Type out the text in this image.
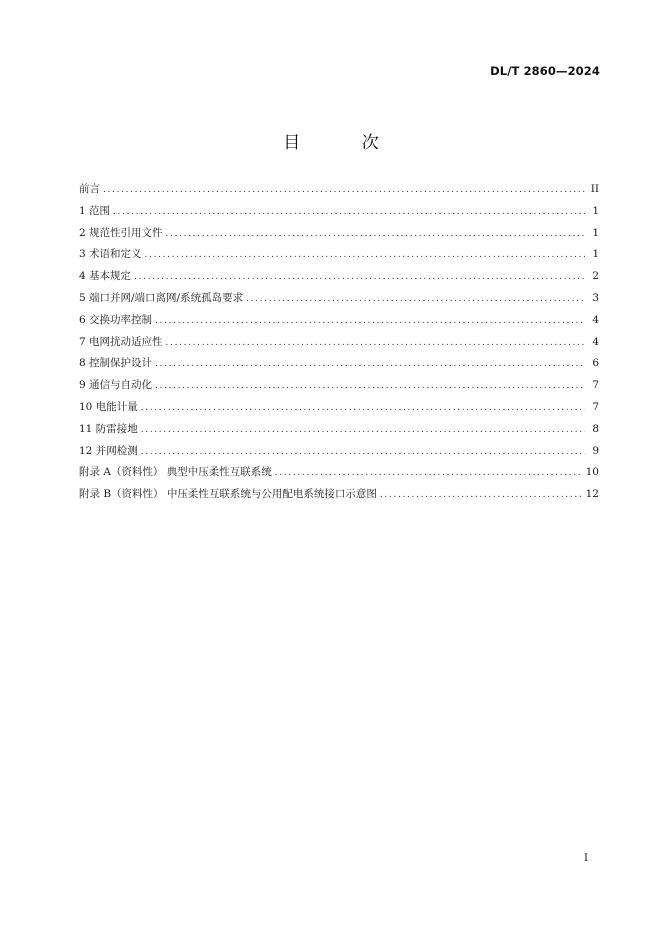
DL/T 2860—2024
目 次
前言 . . .	II
1 范围 . . .	1
2 规范性引用文件 . . .	1
3 术语和定义 . . .	1
4 基本规定 . . .	2
5 端口并网/端口离网/系统孤岛要求 . . .	3
6 交换功率控制 . . .	4
7 电网扰动适应性 . . .	4
8 控制保护设计 . . .	6
9 通信与自动化 . . .	7
10 电能计量 . . .	7
11 防雷接地 . . .	8
12 并网检测 . . .	9
附录 A（资料性） 典型中压柔性互联系统 . . .	10
附录 B（资料性） 中压柔性互联系统与公用配电系统接口示意图 . . .	12
I
